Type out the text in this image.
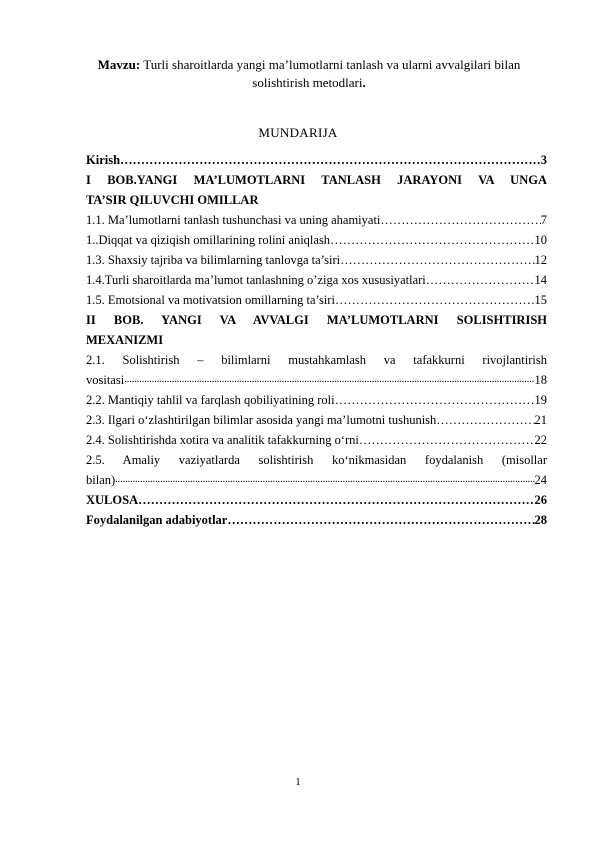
Mavzu: Turli sharoitlarda yangi ma’lumotlarni tanlash va ularni avvalgilari bilan solishtirish metodlari.
MUNDARIJA
Kirish ………………………………………………………………………………………………………………………………………………………………………………………	3
I BOB.YANGI MA’LUMOTLARNI TANLASH JARAYONI VA UNGA
TA’SIR QILUVCHI OMILLAR
1.1. Ma’lumotlarni tanlash tushunchasi va uning ahamiyati ………………………………………………………………………………………………………………………………………………………………………………………	7
1..Diqqat va qiziqish omillarining rolini aniqlash ………………………………………………………………………………………………………………………………………………………………………………………	10
1.3. Shaxsiy tajriba va bilimlarning tanlovga ta’siri ………………………………………………………………………………………………………………………………………………………………………………………	12
1.4.Turli sharoitlarda ma’lumot tanlashning o’ziga xos xususiyatlari ………………………………………………………………………………………………………………………………………………………………………………………	14
1.5. Emotsional va motivatsion omillarning ta’siri ………………………………………………………………………………………………………………………………………………………………………………………	15
II BOB. YANGI VA AVVALGI MA’LUMOTLARNI SOLISHTIRISH
MEXANIZMI
2.1. Solishtirish – bilimlarni mustahkamlash va tafakkurni rivojlantirish
vositasi .....	18
2.2. Mantiqiy tahlil va farqlash qobiliyatining roli ………………………………………………………………………………………………………………………………………………………………………………………	19
2.3. Ilgari o‘zlashtirilgan bilimlar asosida yangi ma’lumotni tushunish ………………………………………………………………………………………………………………………………………………………………………………………	21
2.4. Solishtirishda xotira va analitik tafakkurning o‘rni ………………………………………………………………………………………………………………………………………………………………………………………	22
2.5. Amaliy vaziyatlarda solishtirish ko‘nikmasidan foydalanish (misollar
bilan) .....	24
XULOSA ………………………………………………………………………………………………………………………………………………………………………………………	26
Foydalanilgan adabiyotlar ………………………………………………………………………………………………………………………………………………………………………………………	28
1
